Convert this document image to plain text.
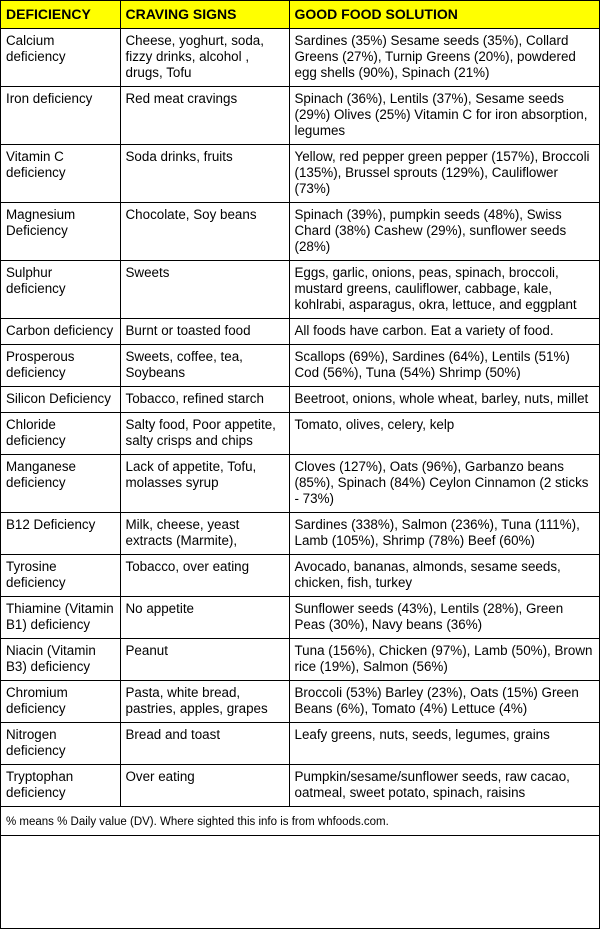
DEFICIENCY	CRAVING SIGNS	GOOD FOOD SOLUTION
Calcium deficiency	Cheese, yoghurt, soda, fizzy drinks, alcohol , drugs, Tofu	Sardines (35%) Sesame seeds (35%), Collard Greens (27%), Turnip Greens (20%), powdered egg shells (90%), Spinach (21%)
Iron deficiency	Red meat cravings	Spinach (36%), Lentils (37%), Sesame seeds (29%) Olives (25%) Vitamin C for iron absorption, legumes
Vitamin C deficiency	Soda drinks, fruits	Yellow, red pepper green pepper (157%), Broccoli (135%), Brussel sprouts (129%), Cauliflower (73%)
Magnesium Deficiency	Chocolate, Soy beans	Spinach (39%), pumpkin seeds (48%), Swiss Chard (38%) Cashew (29%), sunflower seeds (28%)
Sulphur deficiency	Sweets	Eggs, garlic, onions, peas, spinach, broccoli, mustard greens, cauliflower, cabbage, kale, kohlrabi, asparagus, okra, lettuce, and eggplant
Carbon deficiency	Burnt or toasted food	All foods have carbon. Eat a variety of food.
Prosperous deficiency	Sweets, coffee, tea, Soybeans	Scallops (69%), Sardines (64%), Lentils (51%) Cod (56%), Tuna (54%) Shrimp (50%)
Silicon Deficiency	Tobacco, refined starch	Beetroot, onions, whole wheat, barley, nuts, millet
Chloride deficiency	Salty food, Poor appetite, salty crisps and chips	Tomato, olives, celery, kelp
Manganese deficiency	Lack of appetite, Tofu, molasses syrup	Cloves (127%), Oats (96%), Garbanzo beans (85%), Spinach (84%) Ceylon Cinnamon (2 sticks - 73%)
B12 Deficiency	Milk, cheese, yeast extracts (Marmite),	Sardines (338%), Salmon (236%), Tuna (111%), Lamb (105%), Shrimp (78%) Beef (60%)
Tyrosine deficiency	Tobacco, over eating	Avocado, bananas, almonds, sesame seeds, chicken, fish, turkey
Thiamine (Vitamin B1) deficiency	No appetite	Sunflower seeds (43%), Lentils (28%), Green Peas (30%), Navy beans (36%)
Niacin (Vitamin B3) deficiency	Peanut	Tuna (156%), Chicken (97%), Lamb (50%), Brown rice (19%), Salmon (56%)
Chromium deficiency	Pasta, white bread, pastries, apples, grapes	Broccoli (53%) Barley (23%), Oats (15%) Green Beans (6%), Tomato (4%) Lettuce (4%)
Nitrogen deficiency	Bread and toast	Leafy greens, nuts, seeds, legumes, grains
Tryptophan deficiency	Over eating	Pumpkin/sesame/sunflower seeds, raw cacao, oatmeal, sweet potato, spinach, raisins
% means % Daily value (DV). Where sighted this info is from whfoods.com.		
